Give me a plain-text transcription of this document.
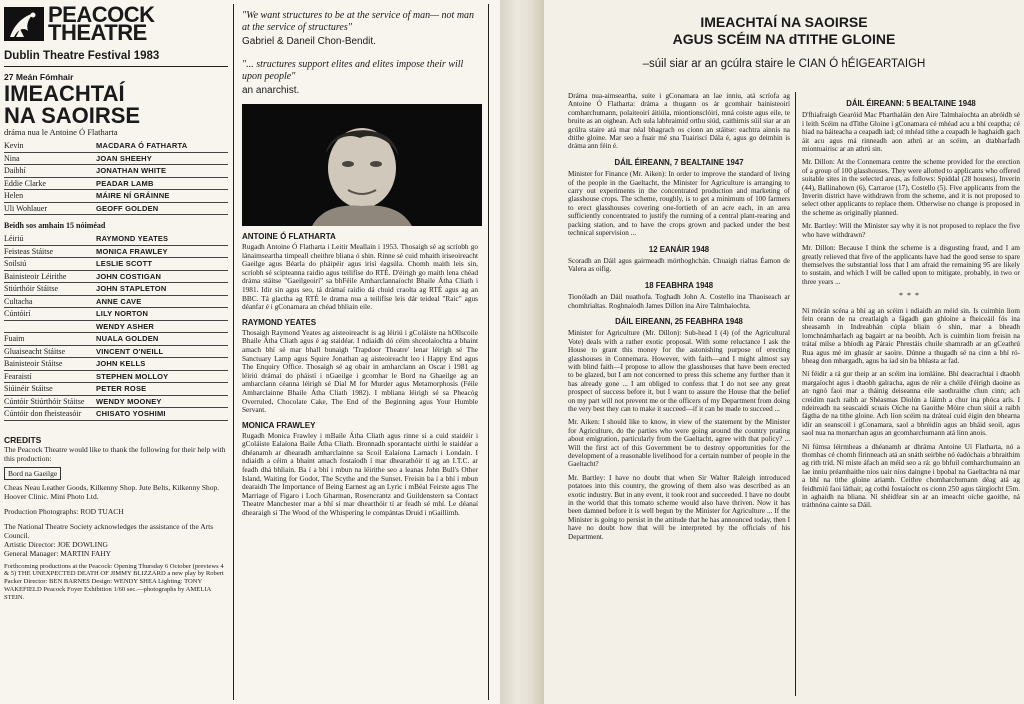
PEACOCK
THEATRE
Dublin Theatre Festival 1983
27 Meán Fómhair
IMEACHTAÍ
NA SAOIRSE
dráma nua le Antoine Ó Flatharta
Kevin	MACDARA Ó FATHARTA
Nina	JOAN SHEEHY
Daibhí	JONATHAN WHITE
Eddie Clarke	PEADAR LAMB
Helen	MÁIRE NÍ GRÁINNE
Uli Wohlauer	GEOFF GOLDEN
Beidh sos amhain 15 nóiméad
Léiriú	RAYMOND YEATES
Feisteas Stáitse	MONICA FRAWLEY
Soilsiú	LESLIE SCOTT
Bainisteoir Léirithe	JOHN COSTIGAN
Stiúrthóir Stáitse	JOHN STAPLETON
Cultacha	ANNE CAVE
Cúntóirí	LILY NORTON
	WENDY ASHER
Fuaim	NUALA GOLDEN
Gluaiseacht Stáitse	VINCENT O'NEILL
Bainisteoir Stáitse	JOHN KELLS
Fearaistí	STEPHEN MOLLOY
Siúinéir Stáitse	PETER ROSE
Cúntóir Stiúrthóir Stáitse	WENDY MOONEY
Cúntóir don fheisteasóir	CHISATO YOSHIMI
CREDITS
The Peacock Theatre would like to thank the following for their help with this production:
Bord na Gaeilge
Cheas Neau Leather Goods, Kilkenny Shop. Jute Belts, Kilkenny Shop. Hoover Clinic. Mini Photo Ltd.
Production Photographs: ROD TUACH
The National Theatre Society acknowledges the assistance of the Arts Council.
Artistic Director: JOE DOWLING
General Manager: MARTIN FAHY
Forthcoming productions at the Peacock: Opening Thursday 6 October (previews 4 & 5) THE UNEXPECTED DEATH OF JIMMY BLIZZARD a new play by Robert Packer Director: BEN BARNES Design: WENDY SHEA Lighting: TONY WAKEFIELD Peacock Foyer Exhibition 1/60 sec.—photographs by AMELIA STEIN.
"We want structures to be at the service of man— not man at the service of structures"
Gabriel & Daneil Chon-Bendit.
"... structures support elites and elites impose their will upon people"
an anarchist.
ANTOINE Ó FLATHARTA

Rugadh Antoine Ó Flatharta i Leitir Meallain i 1953. Thosaigh sé ag scríobh go lánaimseartha timpeall cheithre bliana ó shin. Rinne sé cuid mhaith iriseoireacht Gaeilge agus Béarla do pháipéir agus irisí éagsúla. Chomh maith leis sin, scríobh sé scipteanna raidio agus teilifíse do RTÉ. D'éirigh go maith lena chéad dráma stáitse "Gaeilgeoirí" sa bhFéile Amharclannaíocht Bhaile Átha Cliath i 1981. Idir sin agus seo, tá drámaí raidio dá chuid craolta ag RTÉ agus ag an BBC. Tá glactha ag RTÉ le drama nua a teilifíse leis dár teideal "Raic" agus déanfar é i gConamara an chéad bhliain eile.

RAYMOND YEATES

Thosaigh Raymond Yeates ag aisteoireacht is ag léiriú i gColáiste na hOllscoile Bhaile Átha Cliath agus é ag staidéar. I ndiaidh dó céim shceolaíochta a bhaint amach bhí sé mar bhall bunaigh 'Trapdoor Theatre' lenar léirigh sé The Sanctuary Lamp agus Squire Jonathan ag aisteoireacht leo i Happy End agus The Enquiry Office. Thosaigh sé ag obair in amharclann an Oscar i 1981 ag léiriú drámaí do pháistí i nGaeilge i gcomhar le Bord na Ghaeilge ag an amharclann céanna léirigh sé Dial M for Murder agus Metamorphosis (Féile Amharclainne Bhaile Átha Cliath 1982). I mbliana léirigh sé sa Pheacóg Overruled, Chocolate Cake, The End of the Beginning agus Your Humble Servant.

MONICA FRAWLEY

Rugadh Monica Frawley i mBaile Átha Cliath agus rinne sí a cuid staidéir i gColáiste Ealaíona Baile Átha Cliath. Bronnadh sporantacht uirthi le staidéar a dhéanamh ar dhearadh amharclainne sa Scoil Ealaíona Larnach i Londain. I ndiaidh a céim a bhaint amach fostaíodh í mar dhearathóir tí ag an I.T.C. ar feadh dhá bhliain. Ba í a bhí i mbun na léirithe seo a leanas John Bull's Other Island, Waiting for Godot, The Scythe and the Sunset. Freisin ba í a bhí i mbun dearaidh The Importance of Being Earnest ag an Lyric i mBéal Feirste agus The Marriage of Figaro i Loch Gharman, Rosencrantz and Guildenstern sa Contact Theatre Manchester mar a bhí sí mar dhearthóir tí ar feadh sé mhí. Le déanaí dhearaigh sí The Wood of the Whispering le compántas Druid i nGaillimh.

IMEACHTAÍ NA SAOIRSE
AGUS SCÉIM NA dTITHE GLOINE
–súil siar ar an gcúlra staire le CIAN Ó hÉIGEARTAIGH
Dráma nua-aimseartha, suite i gConamara an lae inniu, atá scríofa ag Antoine Ó Flatharta: dráma a thugann os ár gcomhair bainisteoirí comharchumann, polaiteoirí áitiúla, miontionsclóirí, mná coiste agus eile, te bruite as an oighean. Ach sula labhraimid orthu siúd, caithimis súil siar ar an gcúlra staire atá mar néal bhagrach os cionn an stáitse: eachtra ainnis na dtithe gloine. Mar seo a fuair mé sna Tuairiscí Dála é, agus go deimhin is dráma ann féin é.
DÁIL ÉIREANN, 7 BEALTAINE 1947
Minister for Finance (Mr. Aiken): In order to improve the standard of living of the people in the Gaeltacht, the Minister for Agriculture is arranging to carry out experiments in the concentrated production and marketing of glasshouse crops. The scheme, roughly, is to get a minimum of 100 farmers to erect glasshouses covering one-fortieth of an acre each, in an area sufficiently concentrated to justify the running of a central plant-rearing and packing station, and to have the crops grown and packed under the best technical supervision ...
12 EANÁIR 1948
Scoradh an Dáil agus gairmeadh mórthoghchán. Chuaigh rialtas Éamon de Valera as oifig.
18 FEABHRA 1948
Tionóladh an Dáil nuathofa. Toghadh John A. Costello ina Thaoiseach ar chomhrialtas. Roghnaíodh James Dillon ina Aire Talmhaíochta.
DÁIL EIREANN, 25 FEABHRA 1948
Minister for Agriculture (Mr. Dillon): Sub-head I (4) (of the Agricultural Vote) deals with a rather exotic proposal. With some reluctance I ask the House to grant this money for the astonishing purpose of erecting glasshouses in Connemara. However, with faith—and I might almost say with blind faith—I propose to allow the glasshouses that have been erected to be glazed, but I am not concerned to press this scheme any further than it has already gone ... I am obliged to confess that I do not see any great prospect of success before it, but I want to assure the House that the belief on my part will not prevent me or the officers of my Department from doing the very best they can to make it succeed—if it can be made to succeed ...
Mr. Aiken: I should like to know, in view of the statement by the Minister for Agriculture, do the parties who were going around the country prating about emigration, particularly from the Gaeltacht, agree with that policy? ... Will the first act of this Government be to destroy opportunities for the development of a reasonable livelihood for a certain number of people in the Gaeltacht?
Mr. Bartley: I have no doubt that when Sir Walter Raleigh introduced potatoes into this country, the growing of them also was described as an exotic industry. But in any event, it took root and succeeded. I have no doubt in the world that this tomato scheme would also have thriven. Now it has been damned before it is well begun by the Minister for Agriculture ... If the Minister is going to persist in the attitude that he has announced today, then I have no doubt how that will be interpreted by the officials of his Department.
DÁIL ÉIREANN: 5 BEALTAINE 1948
D'fhiafraigh Gearóid Mac Pharthaláin den Aire Talmhaíochta an abróidh sé i leith Scéim na dTithe Gloine i gConamara cé mhéad acu a bhí ceaptha; cé hiad na háiteacha a ceapadh iad; cé mhéad tithe a ceapadh le haghaidh gach áit acu agus má rinneadh aon athrú ar an scéim, an dtabharfadh miontuairisc ar an athrú sin.
Mr. Dillon: At the Connemara centre the scheme provided for the erection of a group of 100 glasshouses. They were allotted to applicants who offered suitable sites in the selected areas, as follows: Spiddal (28 houses), Inverin (44), Ballinahown (6), Carraroe (17), Costello (5). Five applicants from the Inverin district have withdrawn from the scheme, and it is not proposed to select other applicants to replace them. Otherwise no change is proposed in the scheme as originally planned.
Mr. Bartley: Will the Minister say why it is not proposed to replace the five who have withdrawn?
Mr. Dillon: Because I think the scheme is a disgusting fraud, and I am greatly relieved that five of the applicants have had the good sense to spare themselves the substantial loss that I am afraid the remaining 95 are likely to sustain, and which I will be called upon to mitigate, probably, in two or three years ...
***
Ní mórán scéna a bhí ag an scéim i ndiaidh an méid sin. Is cuimhin liom fein ceann de na creatlaigh a fágadh gan ghloine a fheiceáil fós ina sheasamh in Indreabhán cúpla bliain ó shin, mar a bheadh lomchnámharlach ag bagairt ar na beoibh. Ach is cuimhin liom freisin na trátaí milse a bhíodh ag Páraic Phrestáis chuile shamradh ar an gCeathrú Rua agus mé im ghasúr ar saoire. Dúnne a thugadh sé na cinn a bhí ró-bheag don mhargadh, agus ba iad sin ba bhlasta ar fad.
Ní féidir a rá gur theip ar an scéim ina iomláine. Bhí deacrachtaí i dtaobh margaíocht agus i dtaobh galracha, agus de réir a chéile d'éirigh daoine as an ngnó faoi mar a tháinig deiseanna eile saothraithe chun cinn; ach creidim nach raibh ar Shéasmas Diolún a láimh a chur ina phóca arís. I ndeireadh na seascaidí scuais Oíche na Gaoithe Móire chun siúil a raibh fágtha de na tithe gloine. Ach líon scéim na dráteaí cuid éigin den bhearna idir an seanscoil i gConamara, saol a bhréidín agus an bháid seoil, agus saol nua na monarchan agus an gcomharchumann atá linn anois.
Ní fúmsa léirmheas a dhéanamh ar dhráma Antoine Uí Flatharta, nó a thomhas cé chomh fírinneach atá an snáth seirbhe nó éadóchais a bhraithim ag rith tríd. Ní miste áfach an méid seo a rá: go bhfuil comharchumainn an lae inniu préamhaithe níos uair níos daingne i bpobal na Gaeltachta ná mar a bhí na tithe gloine ariamh. Ceithre chomharchumann déag atá ag feidhmiú faoi láthair, ag cothú fostaíocht os cionn 250 agus táirgíocht £5m. in aghaidh na bliana. Ní shéidfear sin ar an imeacht oíche gaoithe, ná tráthnóna cainte sa Dáil.
